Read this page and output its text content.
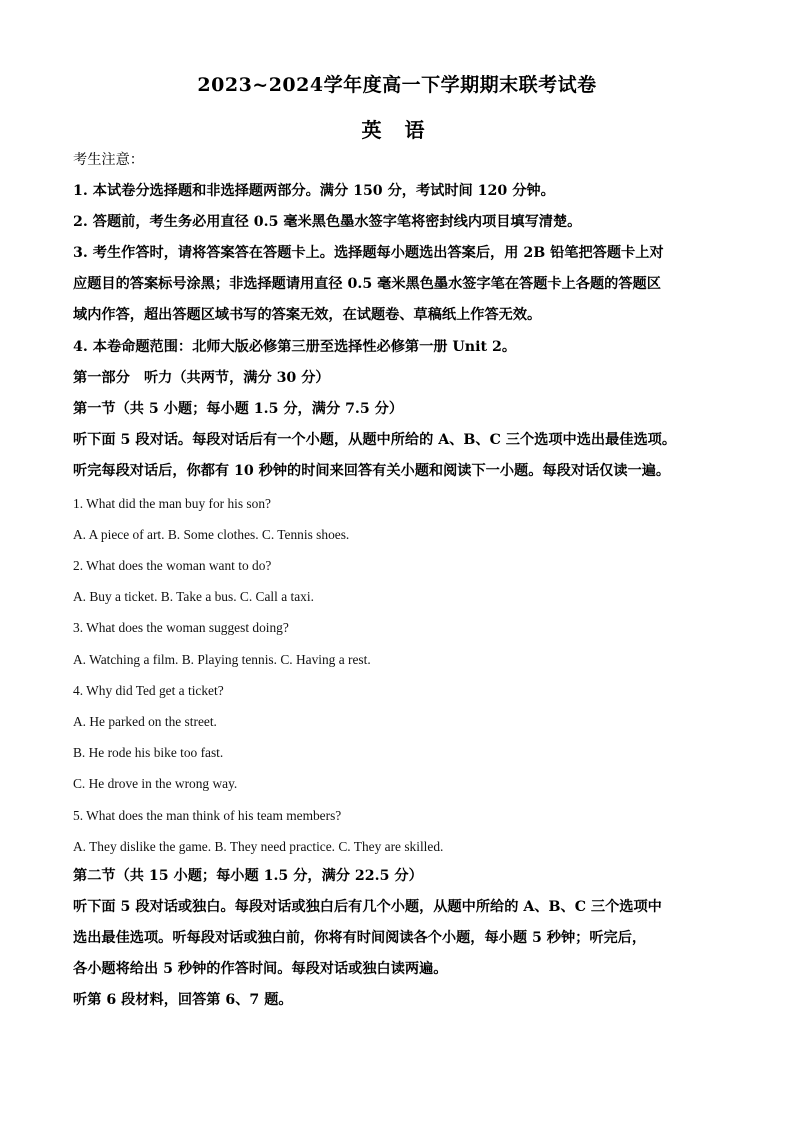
2023~2024学年度高一下学期期末联考试卷
英 语
考生注意：
1. 本试卷分选择题和非选择题两部分。满分 150 分，考试时间 120 分钟。
2. 答题前，考生务必用直径 0.5 毫米黑色墨水签字笔将密封线内项目填写清楚。
3. 考生作答时，请将答案答在答题卡上。选择题每小题选出答案后，用 2B 铅笔把答题卡上对
应题目的答案标号涂黑；非选择题请用直径 0.5 毫米黑色墨水签字笔在答题卡上各题的答题区
域内作答，超出答题区域书写的答案无效，在试题卷、草稿纸上作答无效。
4. 本卷命题范围：北师大版必修第三册至选择性必修第一册 Unit 2。
第一部分　听力（共两节，满分 30 分）
第一节（共 5 小题；每小题 1.5 分，满分 7.5 分）
听下面 5 段对话。每段对话后有一个小题，从题中所给的 A、B、C 三个选项中选出最佳选项。
听完每段对话后，你都有 10 秒钟的时间来回答有关小题和阅读下一小题。每段对话仅读一遍。
1. What did the man buy for his son?
A. A piece of art. B. Some clothes. C. Tennis shoes.
2. What does the woman want to do?
A. Buy a ticket. B. Take a bus. C. Call a taxi.
3. What does the woman suggest doing?
A. Watching a film. B. Playing tennis. C. Having a rest.
4. Why did Ted get a ticket?
A. He parked on the street.
B. He rode his bike too fast.
C. He drove in the wrong way.
5. What does the man think of his team members?
A. They dislike the game. B. They need practice. C. They are skilled.
第二节（共 15 小题；每小题 1.5 分，满分 22.5 分）
听下面 5 段对话或独白。每段对话或独白后有几个小题，从题中所给的 A、B、C 三个选项中
选出最佳选项。听每段对话或独白前，你将有时间阅读各个小题，每小题 5 秒钟；听完后，
各小题将给出 5 秒钟的作答时间。每段对话或独白读两遍。
听第 6 段材料，回答第 6、7 题。
